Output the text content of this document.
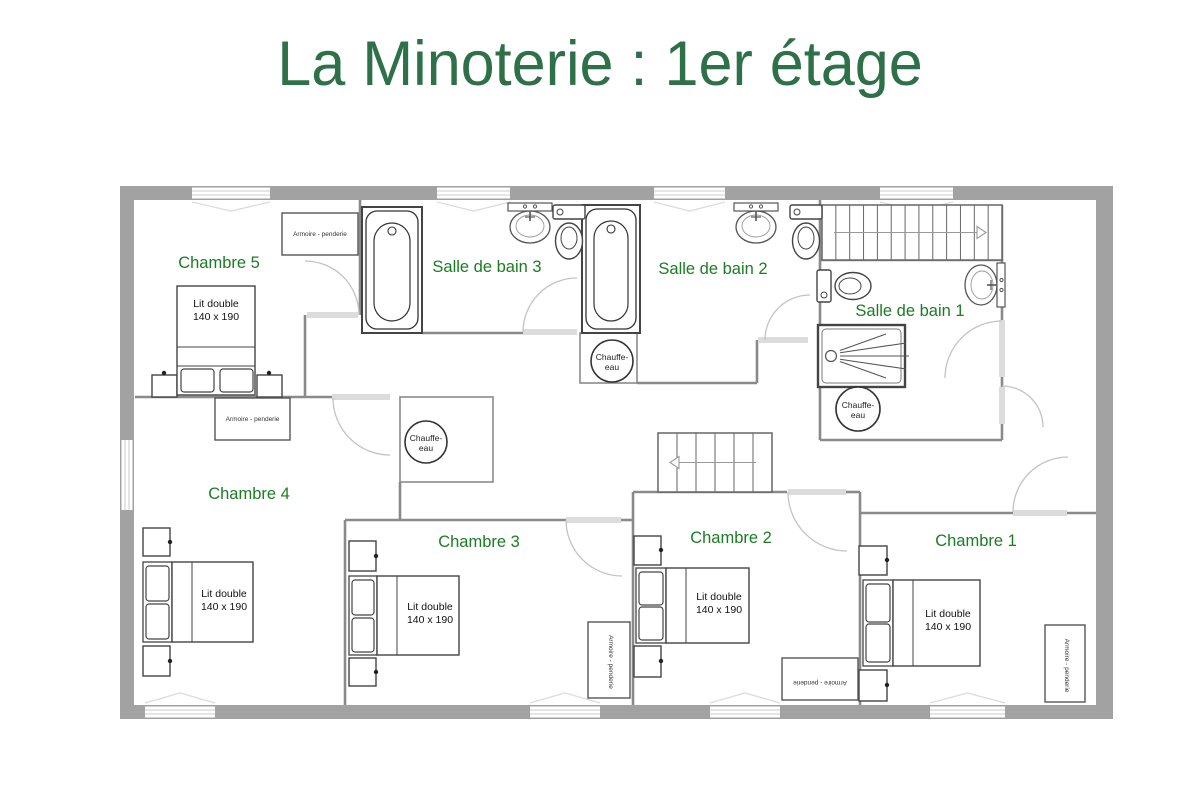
La Minoterie : 1er étage
Chauffe-
eau
Chauffe-
eau
Chauffe-
eau
Lit double
140 x 190
Lit double
140 x 190	Lit double
140 x 190
Lit double
140 x 190	Lit double
140 x 190
Armoire - penderie
Armoire - penderie
Armoire - penderie	Armoire - penderie	Armoire - penderie
Chambre 5	Salle de bain 3	Salle de bain 2
Salle de bain 1
Chambre 4
Chambre 3	Chambre 2	Chambre 1
